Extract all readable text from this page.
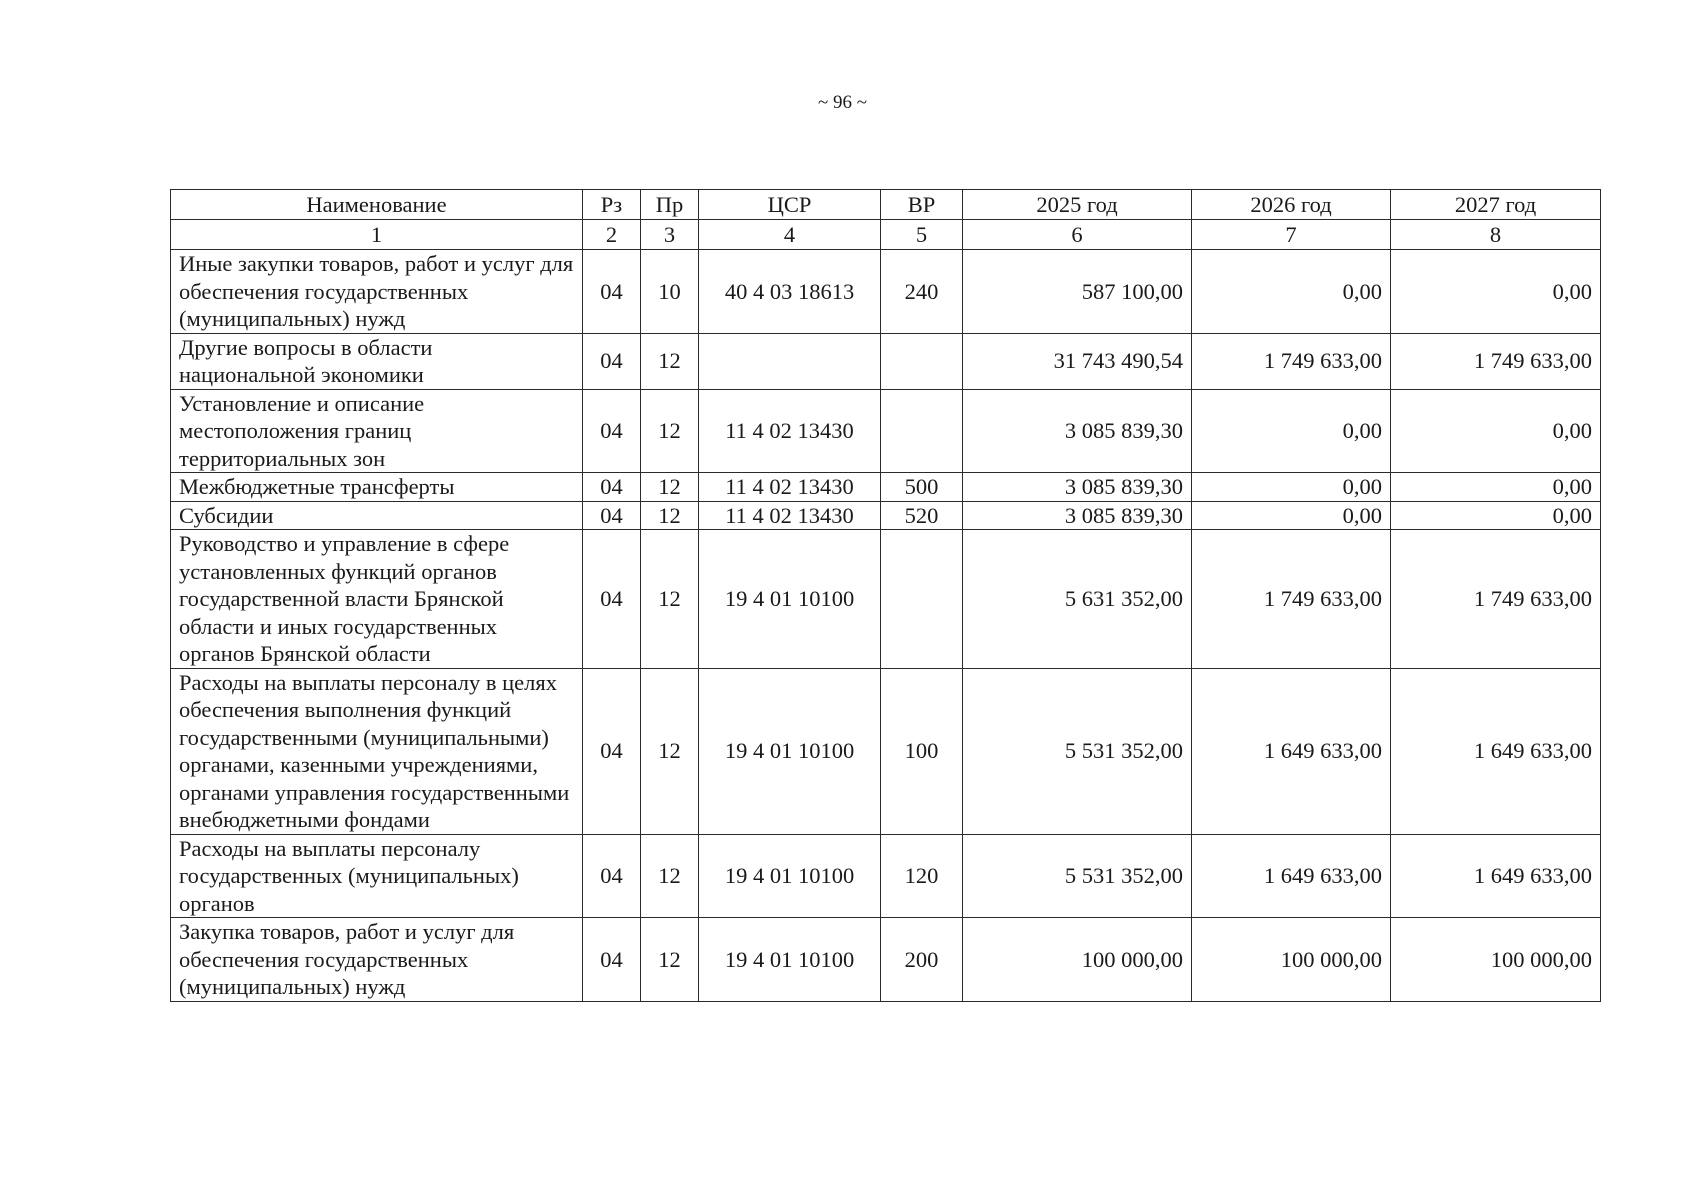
~ 96 ~
Наименование	Рз	Пр	ЦСР	ВР	2025 год	2026 год	2027 год
1	2	3	4	5	6	7	8
Иные закупки товаров, работ и услуг для обеспечения государственных (муниципальных) нужд	04	10	40 4 03 18613	240	587 100,00	0,00	0,00
Другие вопросы в области национальной экономики	04	12			31 743 490,54	1 749 633,00	1 749 633,00
Установление и описание местоположения границ территориальных зон	04	12	11 4 02 13430		3 085 839,30	0,00	0,00
Межбюджетные трансферты	04	12	11 4 02 13430	500	3 085 839,30	0,00	0,00
Субсидии	04	12	11 4 02 13430	520	3 085 839,30	0,00	0,00
Руководство и управление в сфере установленных функций органов государственной власти Брянской области и иных государственных органов Брянской области	04	12	19 4 01 10100		5 631 352,00	1 749 633,00	1 749 633,00
Расходы на выплаты персоналу в целях обеспечения выполнения функций государственными (муниципальными) органами, казенными учреждениями, органами управления государственными внебюджетными фондами	04	12	19 4 01 10100	100	5 531 352,00	1 649 633,00	1 649 633,00
Расходы на выплаты персоналу государственных (муниципальных) органов	04	12	19 4 01 10100	120	5 531 352,00	1 649 633,00	1 649 633,00
Закупка товаров, работ и услуг для обеспечения государственных (муниципальных) нужд	04	12	19 4 01 10100	200	100 000,00	100 000,00	100 000,00
